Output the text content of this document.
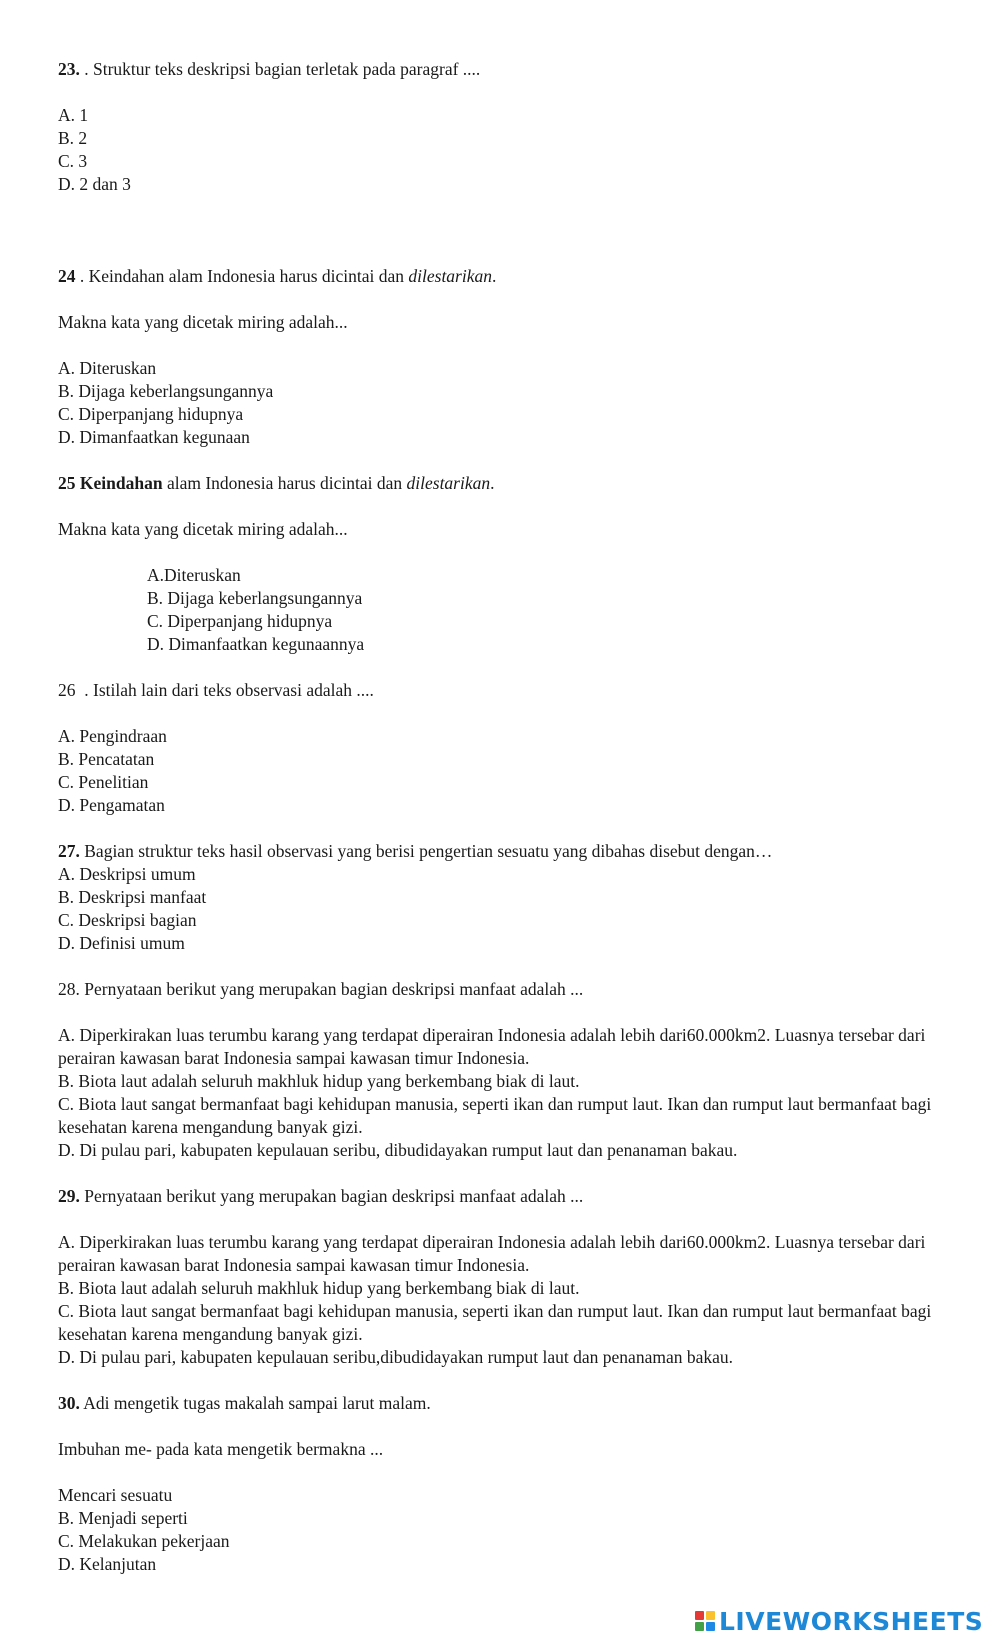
23. . Struktur teks deskripsi bagian terletak pada paragraf ....
A. 1
B. 2
C. 3
D. 2 dan 3
24 . Keindahan alam Indonesia harus dicintai dan dilestarikan.
Makna kata yang dicetak miring adalah...
A. Diteruskan
B. Dijaga keberlangsungannya
C. Diperpanjang hidupnya
D. Dimanfaatkan kegunaan
25 Keindahan alam Indonesia harus dicintai dan dilestarikan.
Makna kata yang dicetak miring adalah...
A.Diteruskan
B. Dijaga keberlangsungannya
C. Diperpanjang hidupnya
D. Dimanfaatkan kegunaannya
26  . Istilah lain dari teks observasi adalah ....
A. Pengindraan
B. Pencatatan
C. Penelitian
D. Pengamatan
27. Bagian struktur teks hasil observasi yang berisi pengertian sesuatu yang dibahas disebut dengan…
A. Deskripsi umum
B. Deskripsi manfaat
C. Deskripsi bagian
D. Definisi umum
28. Pernyataan berikut yang merupakan bagian deskripsi manfaat adalah ...
A. Diperkirakan luas terumbu karang yang terdapat diperairan Indonesia adalah lebih dari60.000km2. Luasnya tersebar dari perairan kawasan barat Indonesia sampai kawasan timur Indonesia.
B. Biota laut adalah seluruh makhluk hidup yang berkembang biak di laut.
C. Biota laut sangat bermanfaat bagi kehidupan manusia, seperti ikan dan rumput laut. Ikan dan rumput laut bermanfaat bagi kesehatan karena mengandung banyak gizi.
D. Di pulau pari, kabupaten kepulauan seribu, dibudidayakan rumput laut dan penanaman bakau.
29. Pernyataan berikut yang merupakan bagian deskripsi manfaat adalah ...
A. Diperkirakan luas terumbu karang yang terdapat diperairan Indonesia adalah lebih dari60.000km2. Luasnya tersebar dari perairan kawasan barat Indonesia sampai kawasan timur Indonesia.
B. Biota laut adalah seluruh makhluk hidup yang berkembang biak di laut.
C. Biota laut sangat bermanfaat bagi kehidupan manusia, seperti ikan dan rumput laut. Ikan dan rumput laut bermanfaat bagi kesehatan karena mengandung banyak gizi.
D. Di pulau pari, kabupaten kepulauan seribu,dibudidayakan rumput laut dan penanaman bakau.
30. Adi mengetik tugas makalah sampai larut malam.
Imbuhan me- pada kata mengetik bermakna ...
Mencari sesuatu
B. Menjadi seperti
C. Melakukan pekerjaan
D. Kelanjutan
LIVEWORKSHEETS
